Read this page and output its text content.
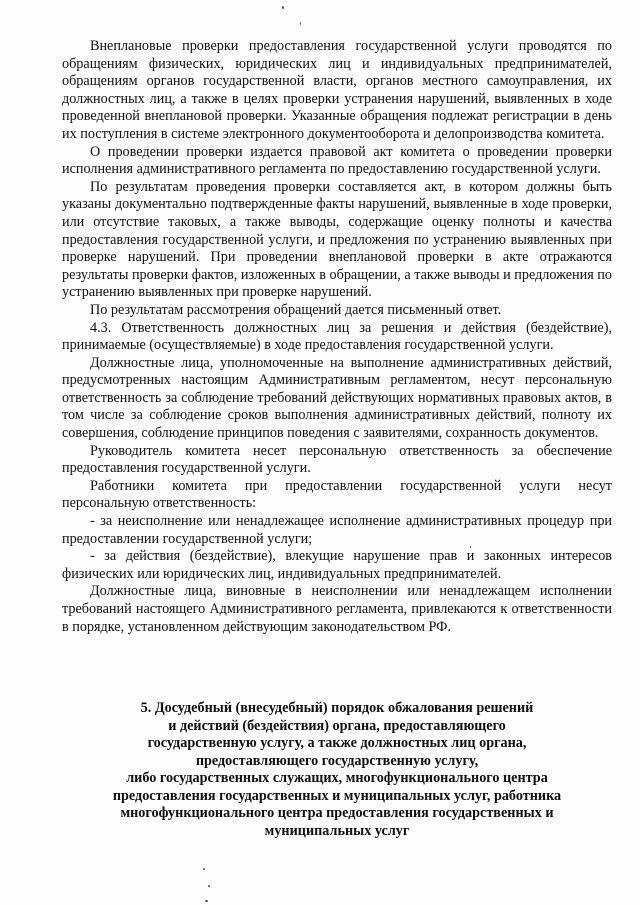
Внеплановые проверки предоставления государственной услуги проводятся по обращениям физических, юридических лиц и индивидуальных предпринимателей, обращениям органов государственной власти, органов местного самоуправления, их должностных лиц, а также в целях проверки устранения нарушений, выявленных в ходе проведенной внеплановой проверки. Указанные обращения подлежат регистрации в день их поступления в системе электронного документооборота и делопроизводства комитета.

О проведении проверки издается правовой акт комитета о проведении проверки исполнения административного регламента по предоставлению государственной услуги.

По результатам проведения проверки составляется акт, в котором должны быть указаны документально подтвержденные факты нарушений, выявленные в ходе проверки, или отсутствие таковых, а также выводы, содержащие оценку полноты и качества предоставления государственной услуги, и предложения по устранению выявленных при проверке нарушений. При проведении внеплановой проверки в акте отражаются результаты проверки фактов, изложенных в обращении, а также выводы и предложения по устранению выявленных при проверке нарушений.

По результатам рассмотрения обращений дается письменный ответ.

4.3. Ответственность должностных лиц за решения и действия (бездействие), принимаемые (осуществляемые) в ходе предоставления государственной услуги.

Должностные лица, уполномоченные на выполнение административных действий, предусмотренных настоящим Административным регламентом, несут персональную ответственность за соблюдение требований действующих нормативных правовых актов, в том числе за соблюдение сроков выполнения административных действий, полноту их совершения, соблюдение принципов поведения с заявителями, сохранность документов.

Руководитель комитета несет персональную ответственность за обеспечение предоставления государственной услуги.

Работники комитета при предоставлении государственной услуги несут персональную ответственность:

- за неисполнение или ненадлежащее исполнение административных процедур при предоставлении государственной услуги;

- за действия (бездействие), влекущие нарушение прав и законных интересов физических или юридических лиц, индивидуальных предпринимателей.

Должностные лица, виновные в неисполнении или ненадлежащем исполнении требований настоящего Административного регламента, привлекаются к ответственности в порядке, установленном действующим законодательством РФ.

5. Досудебный (внесудебный) порядок обжалования решений
и действий (бездействия) органа, предоставляющего
государственную услугу, а также должностных лиц органа,
предоставляющего государственную услугу,
либо государственных служащих, многофункционального центра
предоставления государственных и муниципальных услуг, работника
многофункционального центра предоставления государственных и
муниципальных услуг
